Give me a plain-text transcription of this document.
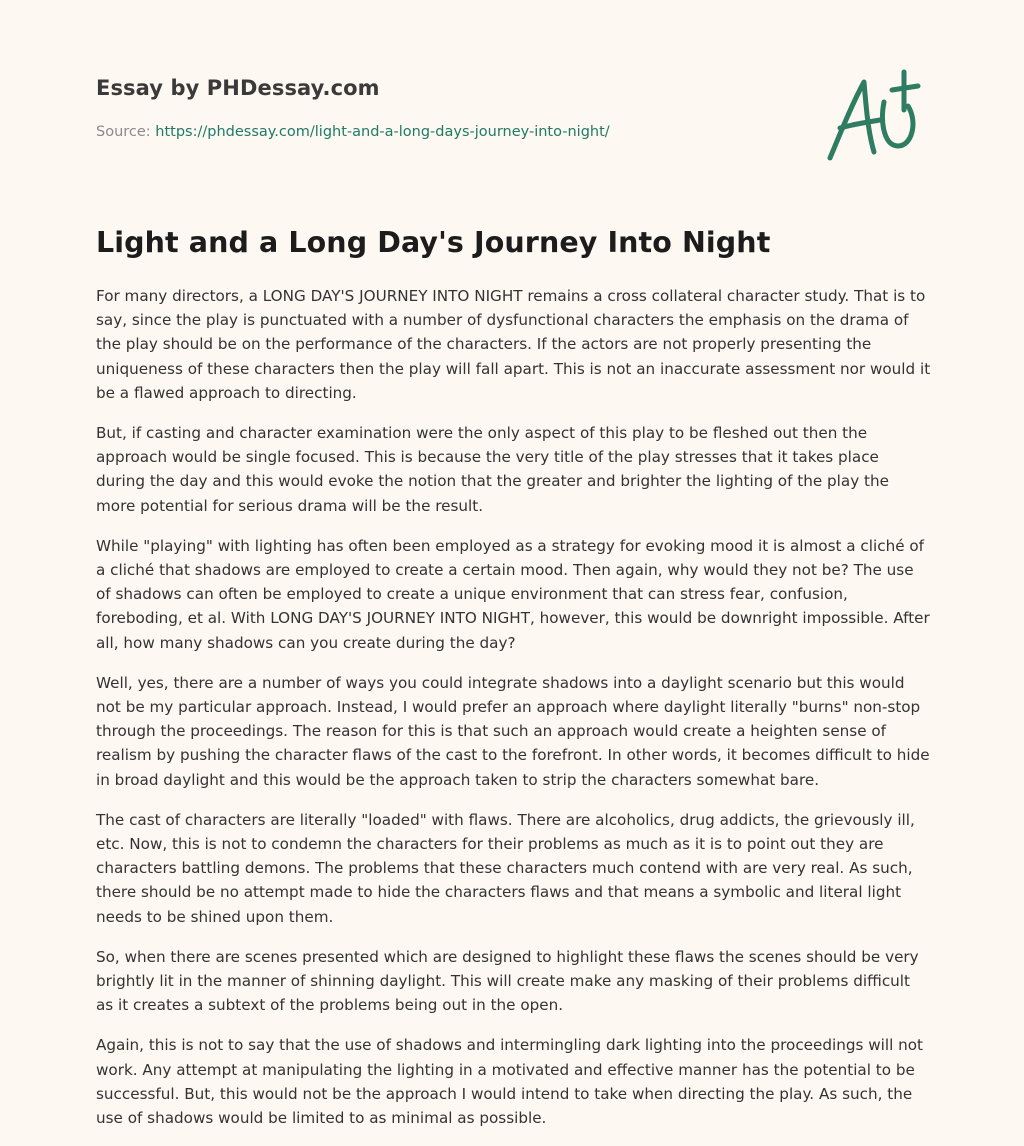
Essay by PHDessay.com
Source: https://phdessay.com/light-and-a-long-days-journey-into-night/
Light and a Long Day's Journey Into Night

For many directors, a LONG DAY'S JOURNEY INTO NIGHT remains a cross collateral character study. That is to say, since the play is punctuated with a number of dysfunctional characters the emphasis on the drama of the play should be on the performance of the characters. If the actors are not properly presenting the uniqueness of these characters then the play will fall apart. This is not an inaccurate assessment nor would it be a flawed approach to directing.

But, if casting and character examination were the only aspect of this play to be fleshed out then the approach would be single focused. This is because the very title of the play stresses that it takes place during the day and this would evoke the notion that the greater and brighter the lighting of the play the more potential for serious drama will be the result.

While "playing" with lighting has often been employed as a strategy for evoking mood it is almost a cliché of a cliché that shadows are employed to create a certain mood. Then again, why would they not be? The use of shadows can often be employed to create a unique environment that can stress fear, confusion, foreboding, et al. With LONG DAY'S JOURNEY INTO NIGHT, however, this would be downright impossible. After all, how many shadows can you create during the day?

Well, yes, there are a number of ways you could integrate shadows into a daylight scenario but this would not be my particular approach. Instead, I would prefer an approach where daylight literally "burns" non-stop through the proceedings. The reason for this is that such an approach would create a heighten sense of realism by pushing the character flaws of the cast to the forefront. In other words, it becomes difficult to hide in broad daylight and this would be the approach taken to strip the characters somewhat bare.

The cast of characters are literally "loaded" with flaws. There are alcoholics, drug addicts, the grievously ill, etc. Now, this is not to condemn the characters for their problems as much as it is to point out they are characters battling demons. The problems that these characters much contend with are very real. As such, there should be no attempt made to hide the characters flaws and that means a symbolic and literal light needs to be shined upon them.

So, when there are scenes presented which are designed to highlight these flaws the scenes should be very brightly lit in the manner of shinning daylight. This will create make any masking of their problems difficult as it creates a subtext of the problems being out in the open.

Again, this is not to say that the use of shadows and intermingling dark lighting into the proceedings will not work. Any attempt at manipulating the lighting in a motivated and effective manner has the potential to be successful. But, this would not be the approach I would intend to take when directing the play. As such, the use of shadows would be limited to as minimal as possible.
